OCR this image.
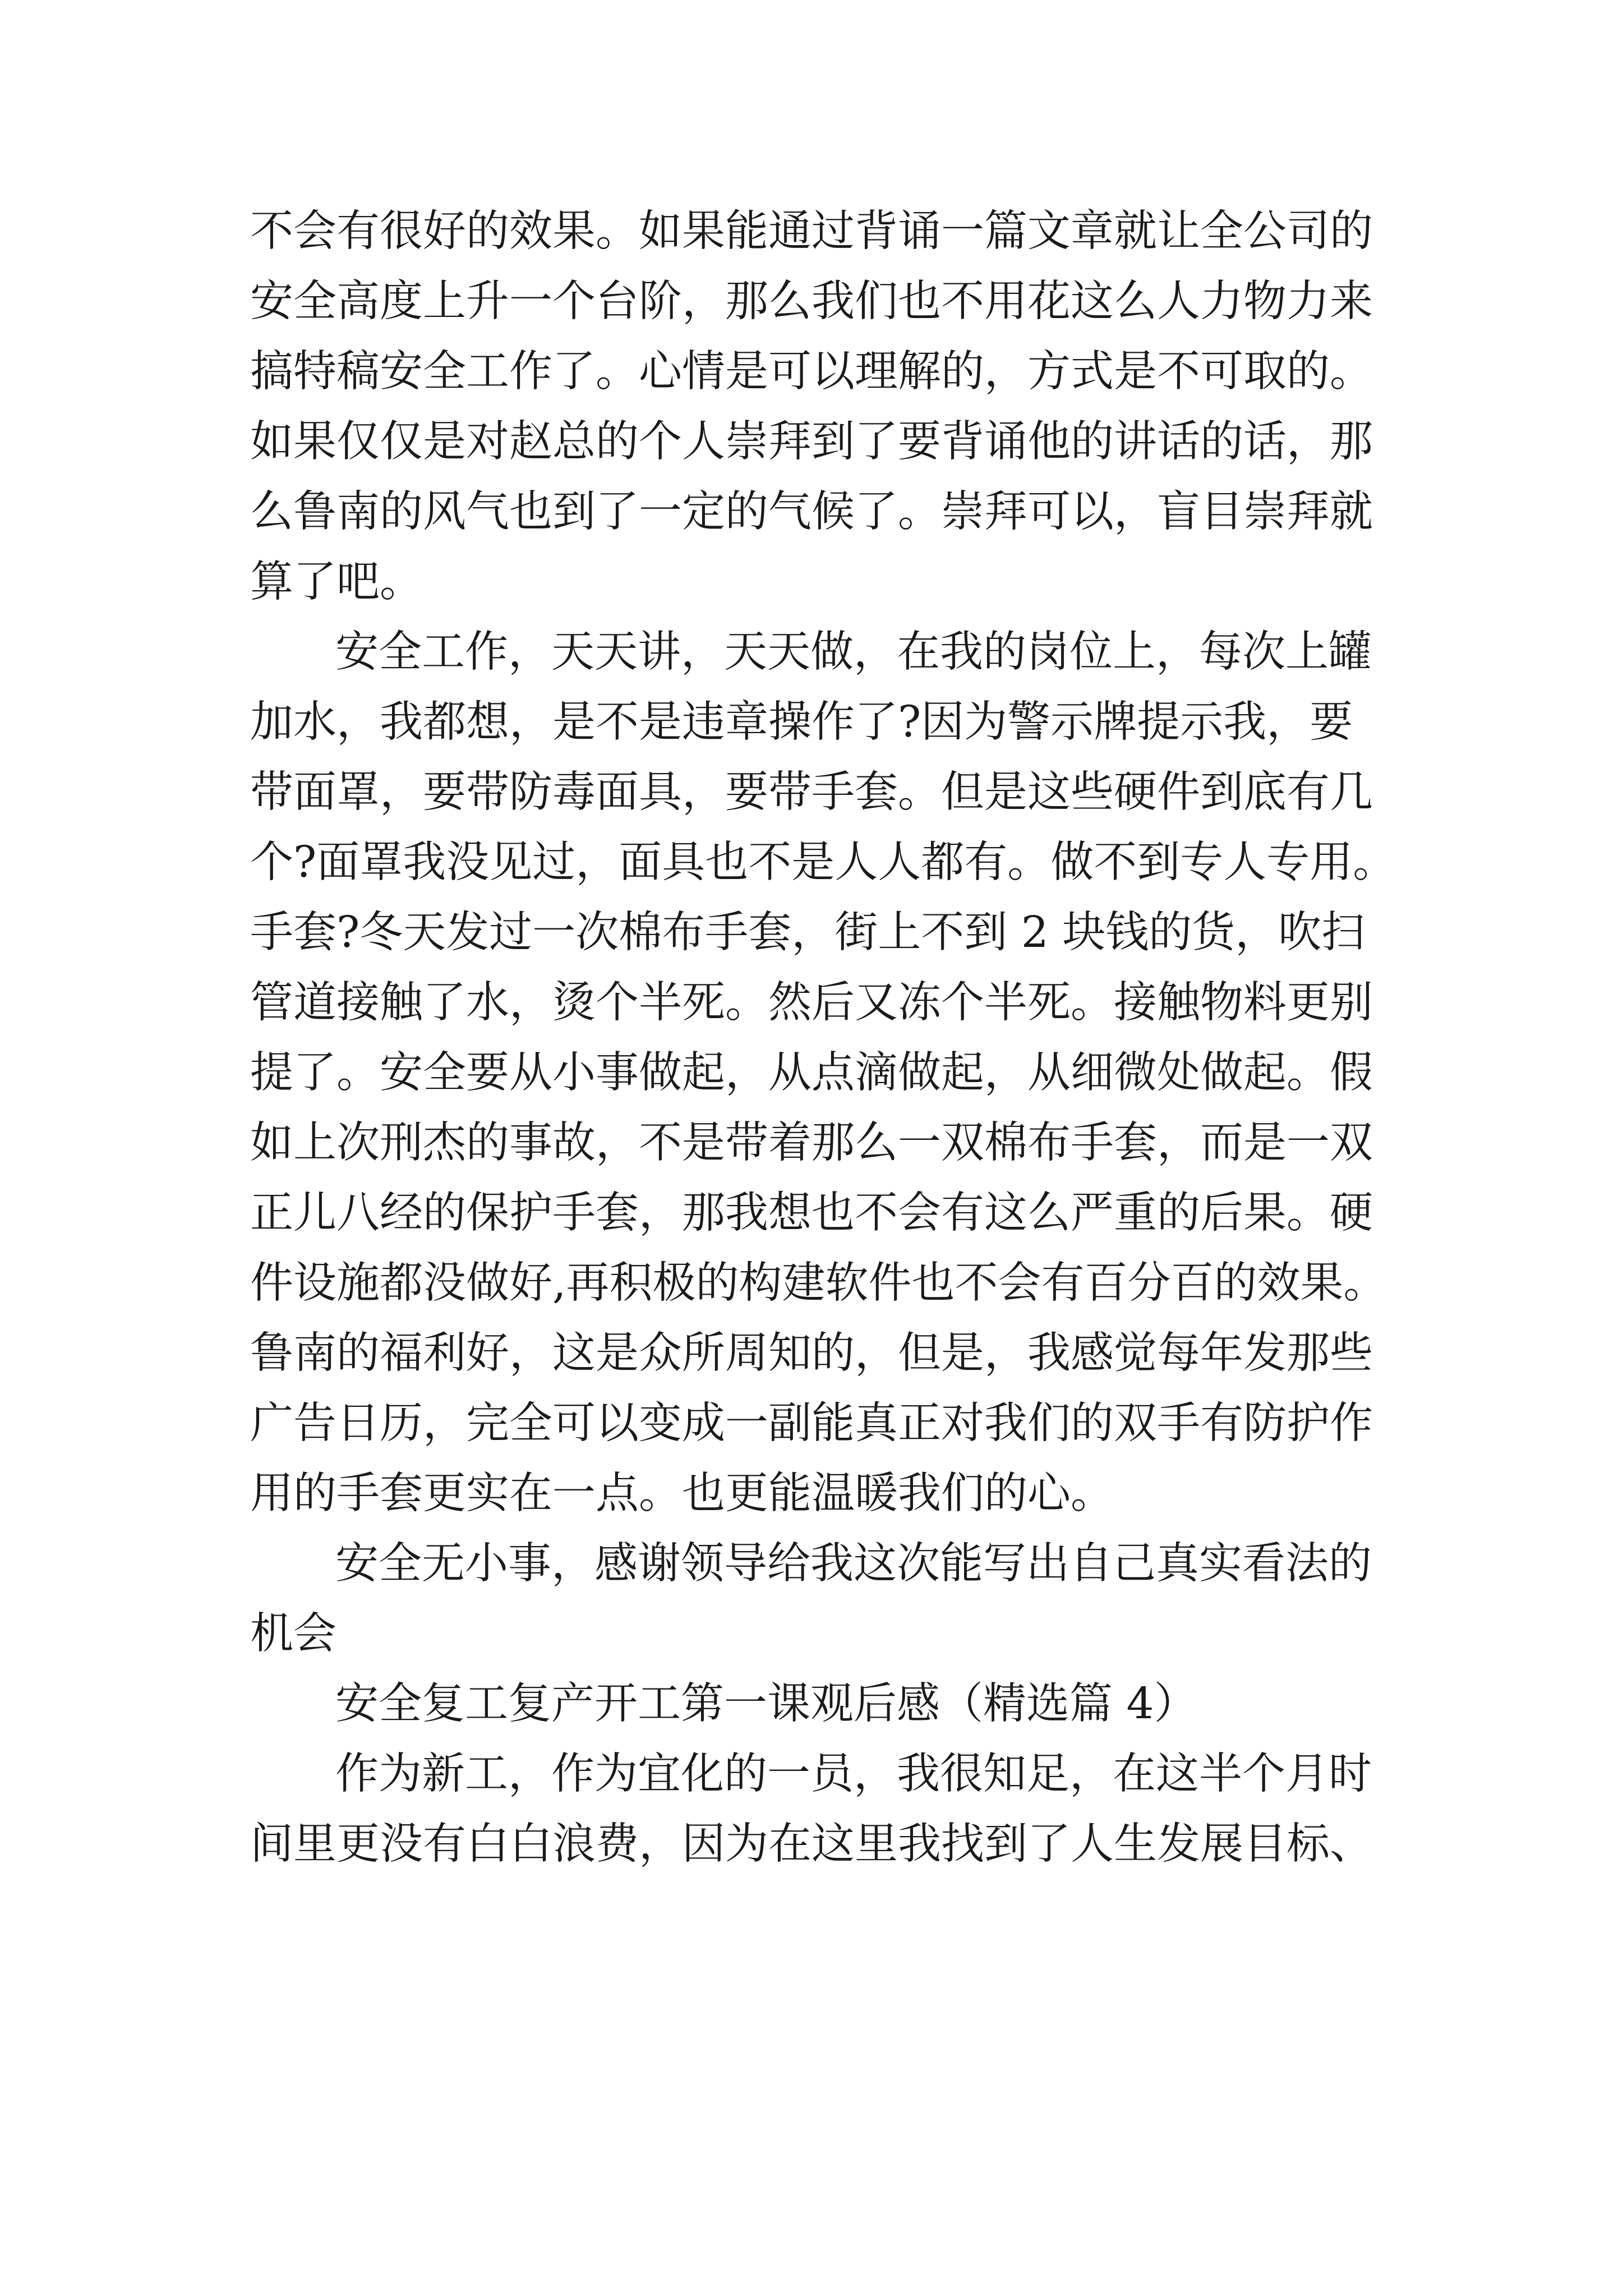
不会有很好的效果。如果能通过背诵一篇文章就让全公司的
安全高度上升一个台阶，那么我们也不用花这么人力物力来
搞特稿安全工作了。心情是可以理解的，方式是不可取的。
如果仅仅是对赵总的个人崇拜到了要背诵他的讲话的话，那
么鲁南的风气也到了一定的气候了。崇拜可以，盲目崇拜就
算了吧。
安全工作，天天讲，天天做，在我的岗位上，每次上罐
加水，我都想，是不是违章操作了?因为警示牌提示我，要
带面罩，要带防毒面具，要带手套。但是这些硬件到底有几
个?面罩我没见过，面具也不是人人都有。做不到专人专用。
手套?冬天发过一次棉布手套，街上不到 2 块钱的货，吹扫
管道接触了水，烫个半死。然后又冻个半死。接触物料更别
提了。安全要从小事做起，从点滴做起，从细微处做起。假
如上次刑杰的事故，不是带着那么一双棉布手套，而是一双
正儿八经的保护手套，那我想也不会有这么严重的后果。硬
件设施都没做好,再积极的构建软件也不会有百分百的效果。
鲁南的福利好，这是众所周知的，但是，我感觉每年发那些
广告日历，完全可以变成一副能真正对我们的双手有防护作
用的手套更实在一点。也更能温暖我们的心。
安全无小事，感谢领导给我这次能写出自己真实看法的
机会
安全复工复产开工第一课观后感（精选篇 4）
作为新工，作为宜化的一员，我很知足，在这半个月时
间里更没有白白浪费，因为在这里我找到了人生发展目标、
